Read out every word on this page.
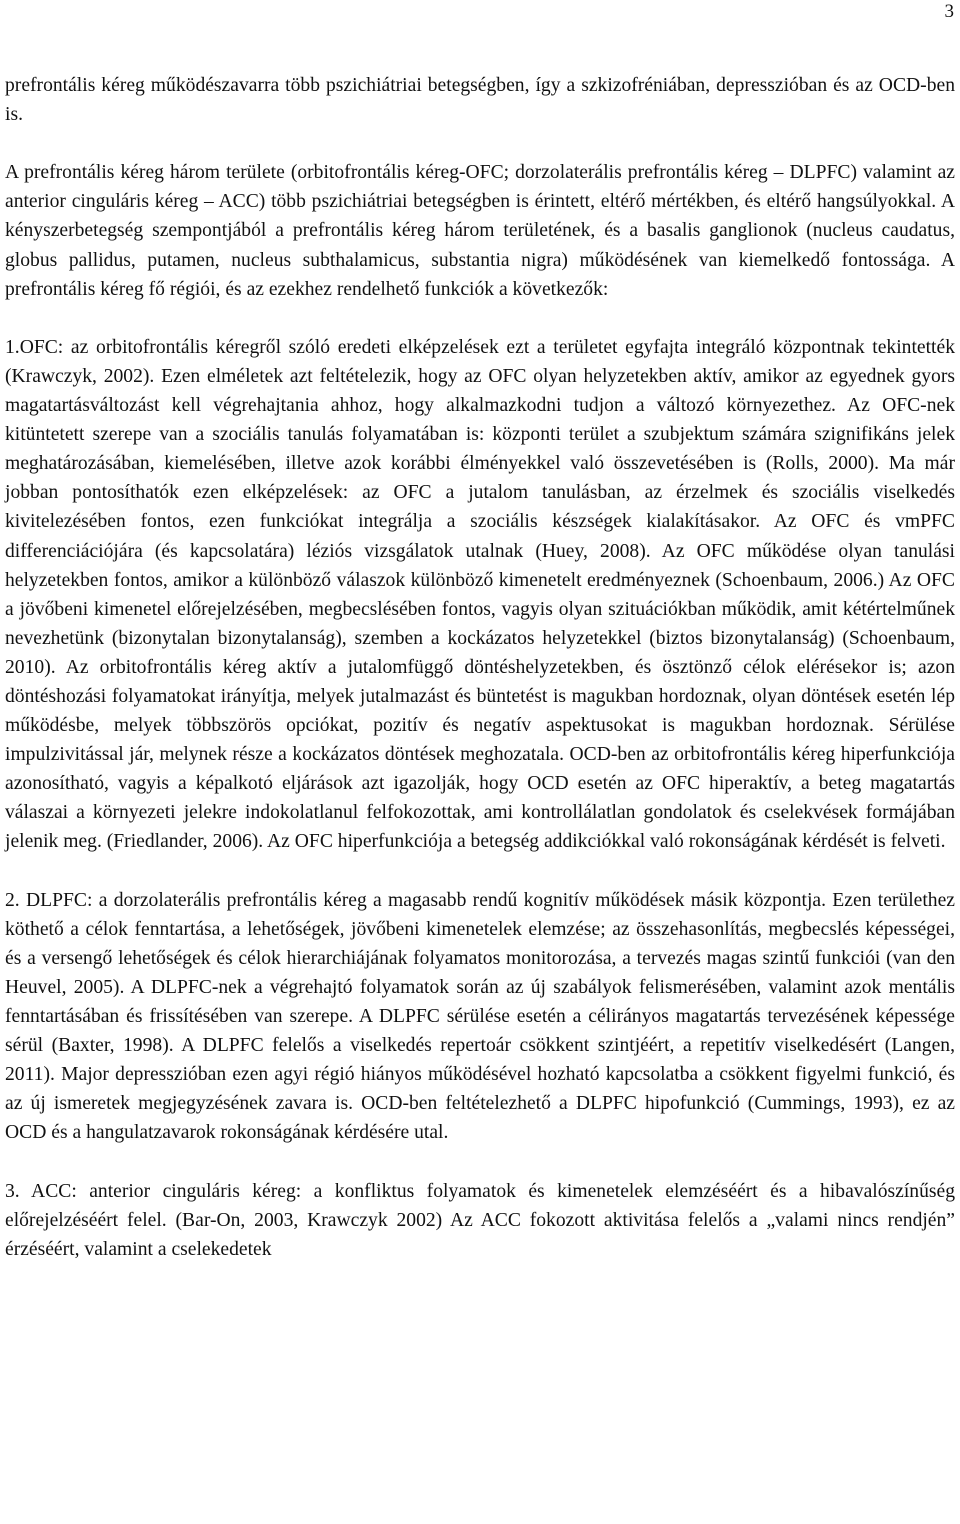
3

prefrontális kéreg működészavarra több pszichiátriai betegségben, így a szkizofréniában, depresszióban és az OCD-ben is.

A prefrontális kéreg három területe (orbitofrontális kéreg-OFC; dorzolaterális prefrontális kéreg – DLPFC) valamint az anterior cinguláris kéreg – ACC) több pszichiátriai betegségben is érintett, eltérő mértékben, és eltérő hangsúlyokkal. A kényszerbetegség szempontjából a prefrontális kéreg három területének, és a basalis ganglionok (nucleus caudatus, globus pallidus, putamen, nucleus subthalamicus, substantia nigra) működésének van kiemelkedő fontossága. A prefrontális kéreg fő régiói, és az ezekhez rendelhető funkciók a következők:

1.OFC: az orbitofrontális kéregről szóló eredeti elképzelések ezt a területet egyfajta integráló központnak tekintették (Krawczyk, 2002). Ezen elméletek azt feltételezik, hogy az OFC olyan helyzetekben aktív, amikor az egyednek gyors magatartásváltozást kell végrehajtania ahhoz, hogy alkalmazkodni tudjon a változó környezethez. Az OFC-nek kitüntetett szerepe van a szociális tanulás folyamatában is: központi terület a szubjektum számára szignifikáns jelek meghatározásában, kiemelésében, illetve azok korábbi élményekkel való összevetésében is (Rolls, 2000). Ma már jobban pontosíthatók ezen elképzelések: az OFC a jutalom tanulásban, az érzelmek és szociális viselkedés kivitelezésében fontos, ezen funkciókat integrálja a szociális készségek kialakításakor. Az OFC és vmPFC differenciációjára (és kapcsolatára) léziós vizsgálatok utalnak (Huey, 2008). Az OFC működése olyan tanulási helyzetekben fontos, amikor a különböző válaszok különböző kimenetelt eredményeznek (Schoenbaum, 2006.) Az OFC a jövőbeni kimenetel előrejelzésében, megbecslésében fontos, vagyis olyan szituációkban működik, amit kétértelműnek nevezhetünk (bizonytalan bizonytalanság), szemben a kockázatos helyzetekkel (biztos bizonytalanság) (Schoenbaum, 2010). Az orbitofrontális kéreg aktív a jutalomfüggő döntéshelyzetekben, és ösztönző célok elérésekor is; azon döntéshozási folyamatokat irányítja, melyek jutalmazást és büntetést is magukban hordoznak, olyan döntések esetén lép működésbe, melyek többszörös opciókat, pozitív és negatív aspektusokat is magukban hordoznak. Sérülése impulzivitással jár, melynek része a kockázatos döntések meghozatala. OCD-ben az orbitofrontális kéreg hiperfunkciója azonosítható, vagyis a képalkotó eljárások azt igazolják, hogy OCD esetén az OFC hiperaktív, a beteg magatartás válaszai a környezeti jelekre indokolatlanul felfokozottak, ami kontrollálatlan gondolatok és cselekvések formájában jelenik meg. (Friedlander, 2006). Az OFC hiperfunkciója a betegség addikciókkal való rokonságának kérdését is felveti.

2. DLPFC: a dorzolaterális prefrontális kéreg a magasabb rendű kognitív működések másik központja. Ezen területhez köthető a célok fenntartása, a lehetőségek, jövőbeni kimenetelek elemzése; az összehasonlítás, megbecslés képességei, és a versengő lehetőségek és célok hierarchiájának folyamatos monitorozása, a tervezés magas szintű funkciói (van den Heuvel, 2005). A DLPFC-nek a végrehajtó folyamatok során az új szabályok felismerésében, valamint azok mentális fenntartásában és frissítésében van szerepe. A DLPFC sérülése esetén a célirányos magatartás tervezésének képessége sérül (Baxter, 1998). A DLPFC felelős a viselkedés repertoár csökkent szintjéért, a repetitív viselkedésért (Langen, 2011). Major depresszióban ezen agyi régió hiányos működésével hozható kapcsolatba a csökkent figyelmi funkció, és az új ismeretek megjegyzésének zavara is. OCD-ben feltételezhető a DLPFC hipofunkció (Cummings, 1993), ez az OCD és a hangulatzavarok rokonságának kérdésére utal.

3. ACC: anterior cinguláris kéreg: a konfliktus folyamatok és kimenetelek elemzéséért és a hibavalószínűség előrejelzéséért felel. (Bar-On, 2003, Krawczyk 2002) Az ACC fokozott aktivitása felelős a „valami nincs rendjén” érzéséért, valamint a cselekedetek
